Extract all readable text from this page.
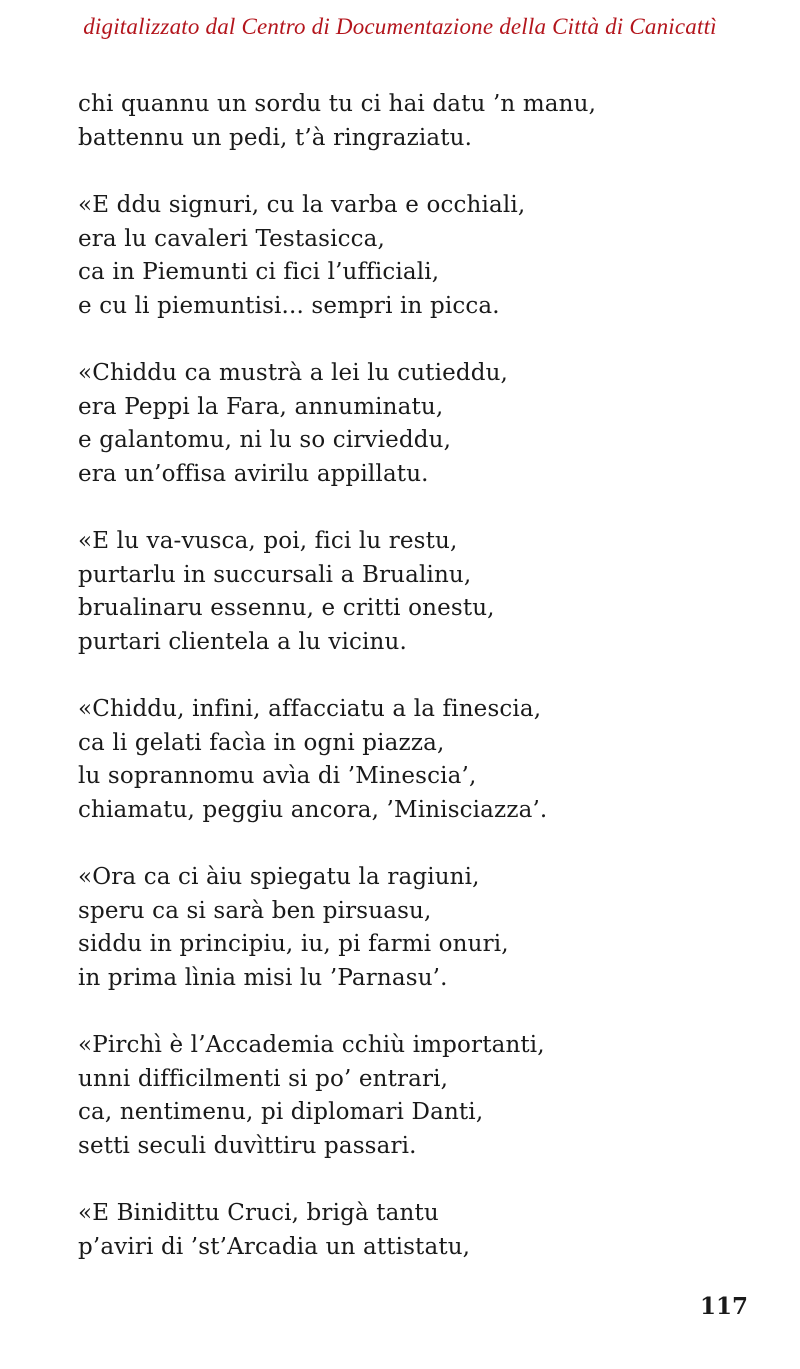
digitalizzato dal Centro di Documentazione della Città di Canicattì
chi quannu un sordu tu ci hai datu ’n manu,
battennu un pedi, t’à ringraziatu.
«E ddu signuri, cu la varba e occhiali,
era lu cavaleri Testasicca,
ca in Piemunti ci fici l’ufficiali,
e cu li piemuntisi... sempri in picca.
«Chiddu ca mustrà a lei lu cutieddu,
era Peppi la Fara, annuminatu,
e galantomu, ni lu so cirvieddu,
era un’offisa avirilu appillatu.
«E lu va-vusca, poi, fici lu restu,
purtarlu in succursali a Brualinu,
brualinaru essennu, e critti onestu,
purtari clientela a lu vicinu.
«Chiddu, infini, affacciatu a la finescia,
ca li gelati facìa in ogni piazza,
lu soprannomu avìa di ’Minescia’,
chiamatu, peggiu ancora, ’Minisciazza’.
«Ora ca ci àiu spiegatu la ragiuni,
speru ca si sarà ben pirsuasu,
siddu in principiu, iu, pi farmi onuri,
in prima lìnia misi lu ’Parnasu’.
«Pirchì è l’Accademia cchiù importanti,
unni difficilmenti si po’ entrari,
ca, nentimenu, pi diplomari Danti,
setti seculi duvìttiru passari.
«E Binidittu Cruci, brigà tantu
p’aviri di ’st’Arcadia un attistatu,
117
